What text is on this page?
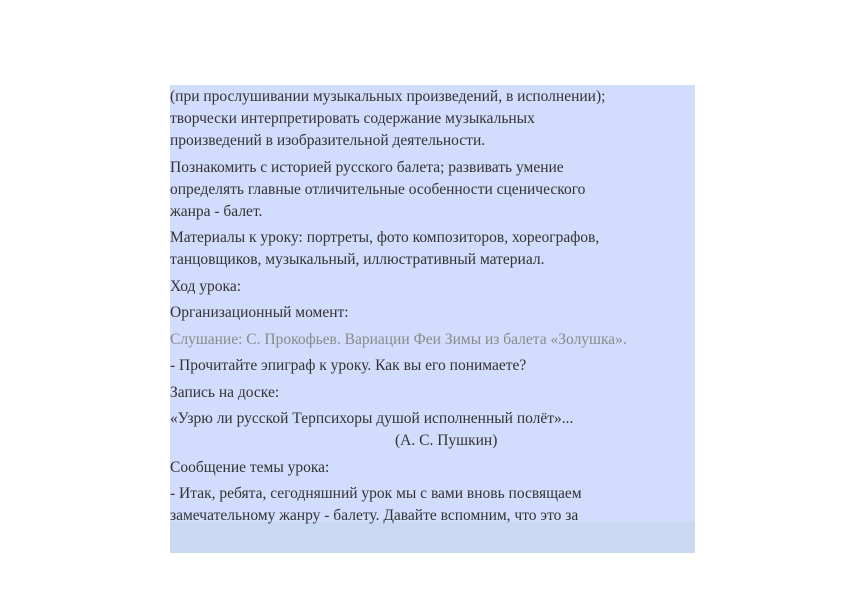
(при прослушивании музыкальных произведений, в исполнении);
творчески интерпретировать содержание музыкальных
произведений в изобразительной деятельности.

Познакомить с историей русского балета; развивать умение
определять главные отличительные особенности сценического
жанра - балет.

Материалы к уроку: портреты, фото композиторов, хореографов,
танцовщиков, музыкальный, иллюстративный материал.

Ход урока:

Организационный момент:

Слушание: С. Прокофьев. Вариации Феи Зимы из балета «Золушка».

- Прочитайте эпиграф к уроку. Как вы его понимаете?

Запись на доске:

«Узрю ли русской Терпсихоры душой исполненный полёт»...
(А. С. Пушкин)

Сообщение темы урока:

- Итак, ребята, сегодняшний урок мы с вами вновь посвящаем
замечательному жанру - балету. Давайте вспомним, что это за
